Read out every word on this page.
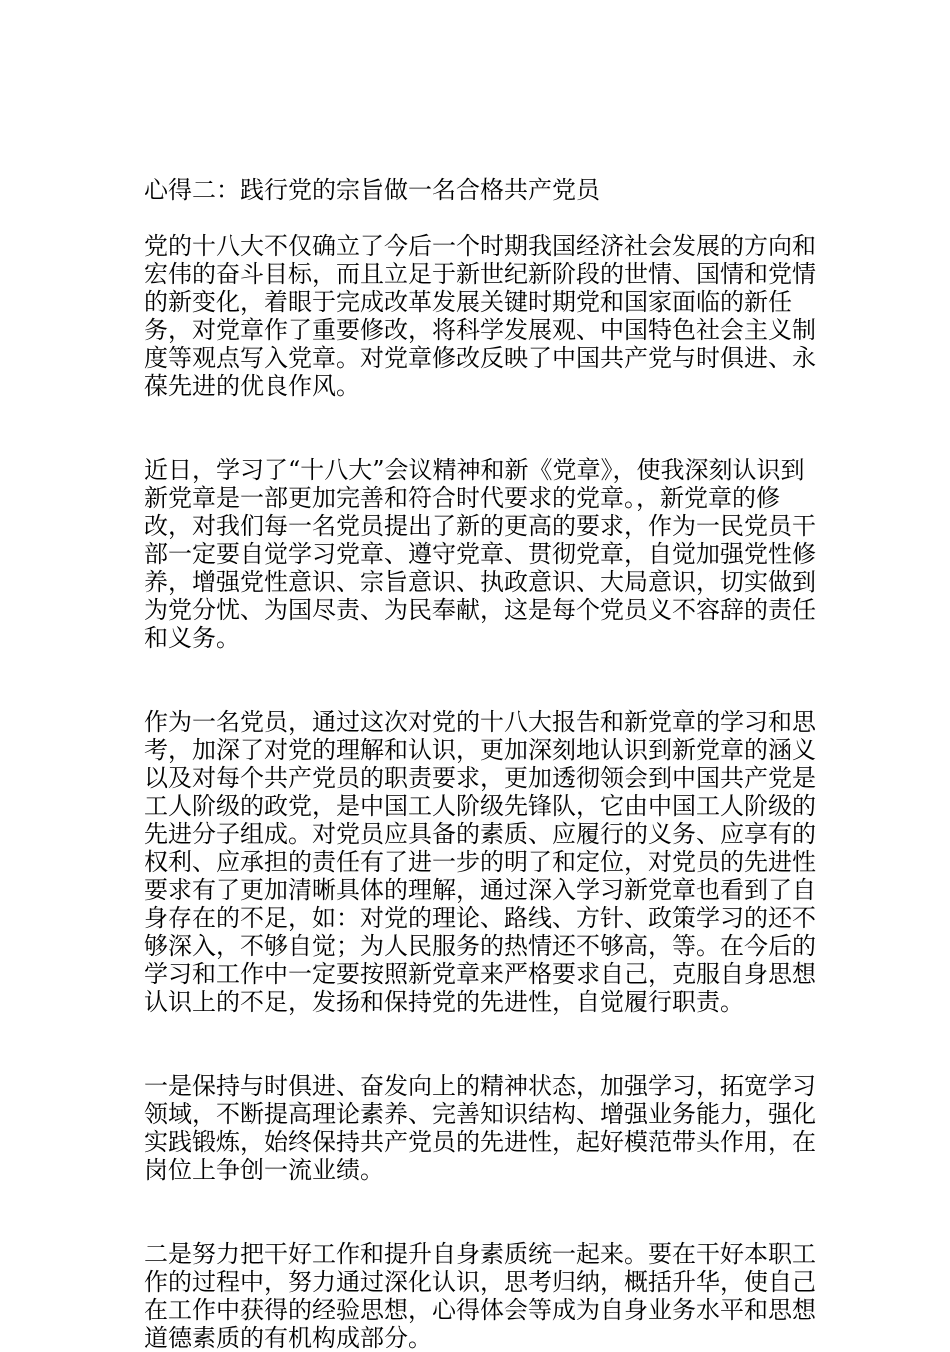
心得二：践行党的宗旨做一名合格共产党员

党的十八大不仅确立了今后一个时期我国经济社会发展的方向和宏伟的奋斗目标，而且立足于新世纪新阶段的世情、国情和党情的新变化，着眼于完成改革发展关键时期党和国家面临的新任务，对党章作了重要修改，将科学发展观、中国特色社会主义制度等观点写入党章。对党章修改反映了中国共产党与时俱进、永葆先进的优良作风。

近日，学习了“十八大”会议精神和新《党章》，使我深刻认识到新党章是一部更加完善和符合时代要求的党章。，新党章的修改，对我们每一名党员提出了新的更高的要求，作为一民党员干部一定要自觉学习党章、遵守党章、贯彻党章，自觉加强党性修养，增强党性意识、宗旨意识、执政意识、大局意识，切实做到为党分忧、为国尽责、为民奉献，这是每个党员义不容辞的责任和义务。

作为一名党员，通过这次对党的十八大报告和新党章的学习和思考，加深了对党的理解和认识，更加深刻地认识到新党章的涵义以及对每个共产党员的职责要求，更加透彻领会到中国共产党是工人阶级的政党，是中国工人阶级先锋队，它由中国工人阶级的先进分子组成。对党员应具备的素质、应履行的义务、应享有的权利、应承担的责任有了进一步的明了和定位，对党员的先进性要求有了更加清晰具体的理解，通过深入学习新党章也看到了自身存在的不足，如：对党的理论、路线、方针、政策学习的还不够深入，不够自觉；为人民服务的热情还不够高，等。在今后的学习和工作中一定要按照新党章来严格要求自己，克服自身思想认识上的不足，发扬和保持党的先进性，自觉履行职责。

一是保持与时俱进、奋发向上的精神状态，加强学习，拓宽学习领域，不断提高理论素养、完善知识结构、增强业务能力，强化实践锻炼，始终保持共产党员的先进性，起好模范带头作用，在岗位上争创一流业绩。

二是努力把干好工作和提升自身素质统一起来。要在干好本职工作的过程中，努力通过深化认识，思考归纳，概括升华，使自己在工作中获得的经验思想，心得体会等成为自身业务水平和思想道德素质的有机构成部分。
